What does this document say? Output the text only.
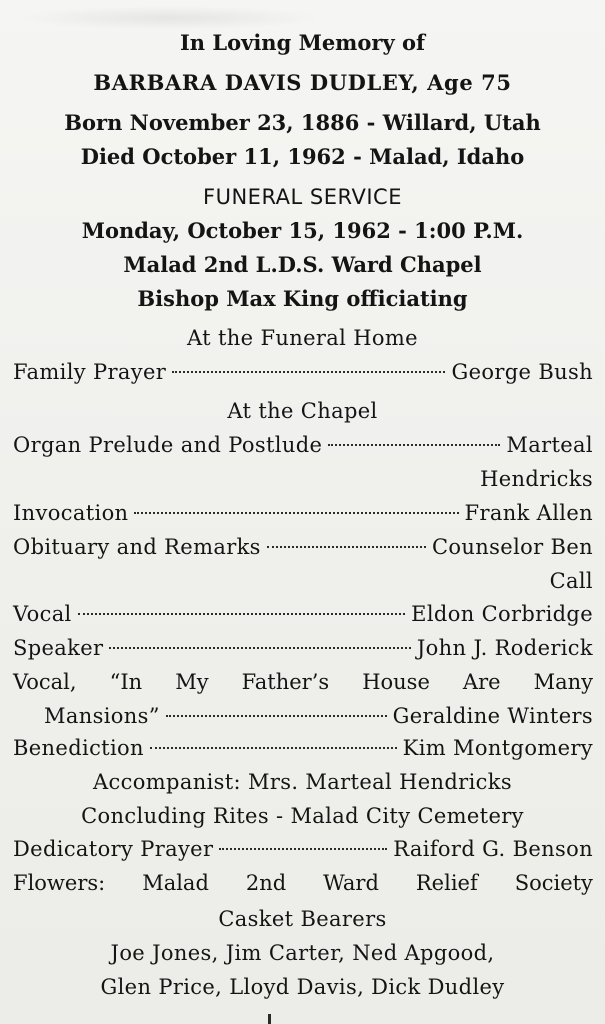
In Loving Memory of
BARBARA DAVIS DUDLEY, Age 75
Born November 23, 1886 - Willard, Utah
Died October 11, 1962 - Malad, Idaho
FUNERAL SERVICE
Monday, October 15, 1962 - 1:00 P.M.
Malad 2nd L.D.S. Ward Chapel
Bishop Max King officiating
At the Funeral Home
Family Prayer	George Bush
At the Chapel
Organ Prelude and Postlude	Marteal
Hendricks
Invocation	Frank Allen
Obituary and Remarks	Counselor Ben
Call
Vocal	Eldon Corbridge
Speaker	John J. Roderick
Vocal, “In My Father’s House Are Many
Mansions”	Geraldine Winters
Benediction	Kim Montgomery
Accompanist: Mrs. Marteal Hendricks
Concluding Rites - Malad City Cemetery
Dedicatory Prayer	Raiford G. Benson
Flowers: Malad 2nd Ward Relief Society
Casket Bearers
Joe Jones, Jim Carter, Ned Apgood,
Glen Price, Lloyd Davis, Dick Dudley
